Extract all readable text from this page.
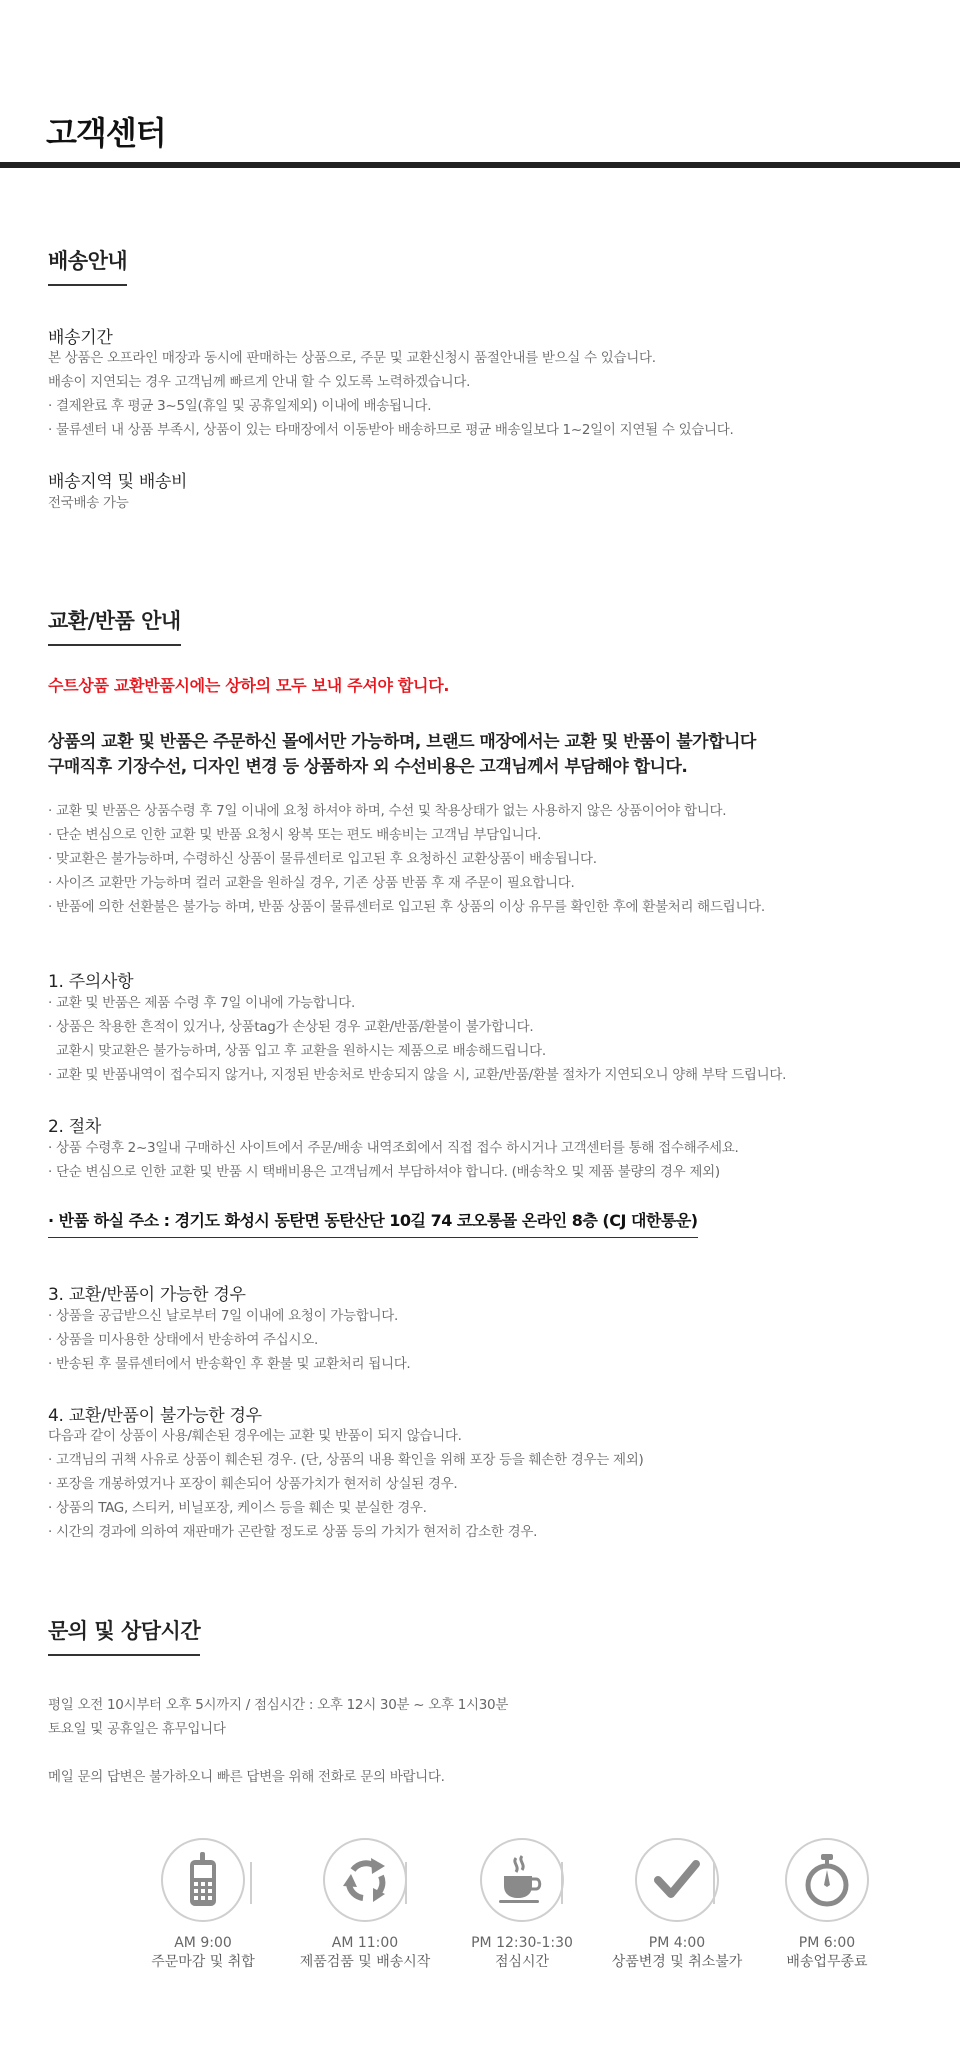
고객센터
배송안내
배송기간
본 상품은 오프라인 매장과 동시에 판매하는 상품으로, 주문 및 교환신청시 품절안내를 받으실 수 있습니다.
배송이 지연되는 경우 고객님께 빠르게 안내 할 수 있도록 노력하겠습니다.
· 결제완료 후 평균 3~5일(휴일 및 공휴일제외) 이내에 배송됩니다.
· 물류센터 내 상품 부족시, 상품이 있는 타매장에서 이동받아 배송하므로 평균 배송일보다 1~2일이 지연될 수 있습니다.
배송지역 및 배송비
전국배송 가능
교환/반품 안내
수트상품 교환반품시에는 상하의 모두 보내 주셔야 합니다.
상품의 교환 및 반품은 주문하신 몰에서만 가능하며, 브랜드 매장에서는 교환 및 반품이 불가합니다
구매직후 기장수선, 디자인 변경 등 상품하자 외 수선비용은 고객님께서 부담해야 합니다.
· 교환 및 반품은 상품수령 후 7일 이내에 요청 하셔야 하며, 수선 및 착용상태가 없는 사용하지 않은 상품이어야 합니다.
· 단순 변심으로 인한 교환 및 반품 요청시 왕복 또는 편도 배송비는 고객님 부담입니다.
· 맞교환은 불가능하며, 수령하신 상품이 물류센터로 입고된 후 요청하신 교환상품이 배송됩니다.
· 사이즈 교환만 가능하며 컬러 교환을 원하실 경우, 기존 상품 반품 후 재 주문이 필요합니다.
· 반품에 의한 선환불은 불가능 하며, 반품 상품이 물류센터로 입고된 후 상품의 이상 유무를 확인한 후에 환불처리 해드립니다.
1. 주의사항
· 교환 및 반품은 제품 수령 후 7일 이내에 가능합니다.
· 상품은 착용한 흔적이 있거나, 상품tag가 손상된 경우 교환/반품/환불이 불가합니다.
교환시 맞교환은 불가능하며, 상품 입고 후 교환을 원하시는 제품으로 배송해드립니다.
· 교환 및 반품내역이 접수되지 않거나, 지정된 반송처로 반송되지 않을 시, 교환/반품/환불 절차가 지연되오니 양해 부탁 드립니다.
2. 절차
· 상품 수령후 2~3일내 구매하신 사이트에서 주문/배송 내역조회에서 직접 접수 하시거나 고객센터를 통해 접수해주세요.
· 단순 변심으로 인한 교환 및 반품 시 택배비용은 고객님께서 부담하셔야 합니다. (배송착오 및 제품 불량의 경우 제외)
· 반품 하실 주소 : 경기도 화성시 동탄면 동탄산단 10길 74 코오롱몰 온라인 8층 (CJ 대한통운)
3. 교환/반품이 가능한 경우
· 상품을 공급받으신 날로부터 7일 이내에 요청이 가능합니다.
· 상품을 미사용한 상태에서 반송하여 주십시오.
· 반송된 후 물류센터에서 반송확인 후 환불 및 교환처리 됩니다.
4. 교환/반품이 불가능한 경우
다음과 같이 상품이 사용/훼손된 경우에는 교환 및 반품이 되지 않습니다.
· 고객님의 귀책 사유로 상품이 훼손된 경우. (단, 상품의 내용 확인을 위해 포장 등을 훼손한 경우는 제외)
· 포장을 개봉하였거나 포장이 훼손되어 상품가치가 현저히 상실된 경우.
· 상품의 TAG, 스티커, 비닐포장, 케이스 등을 훼손 및 분실한 경우.
· 시간의 경과에 의하여 재판매가 곤란할 정도로 상품 등의 가치가 현저히 감소한 경우.
문의 및 상담시간
평일 오전 10시부터 오후 5시까지 / 점심시간 : 오후 12시 30분 ~ 오후 1시30분
토요일 및 공휴일은 휴무입니다
메일 문의 답변은 불가하오니 빠른 답변을 위해 전화로 문의 바랍니다.
AM 9:00
주문마감 및 취합
AM 11:00
제품검품 및 배송시작
PM 12:30-1:30
점심시간
PM 4:00
상품변경 및 취소불가
PM 6:00
배송업무종료
